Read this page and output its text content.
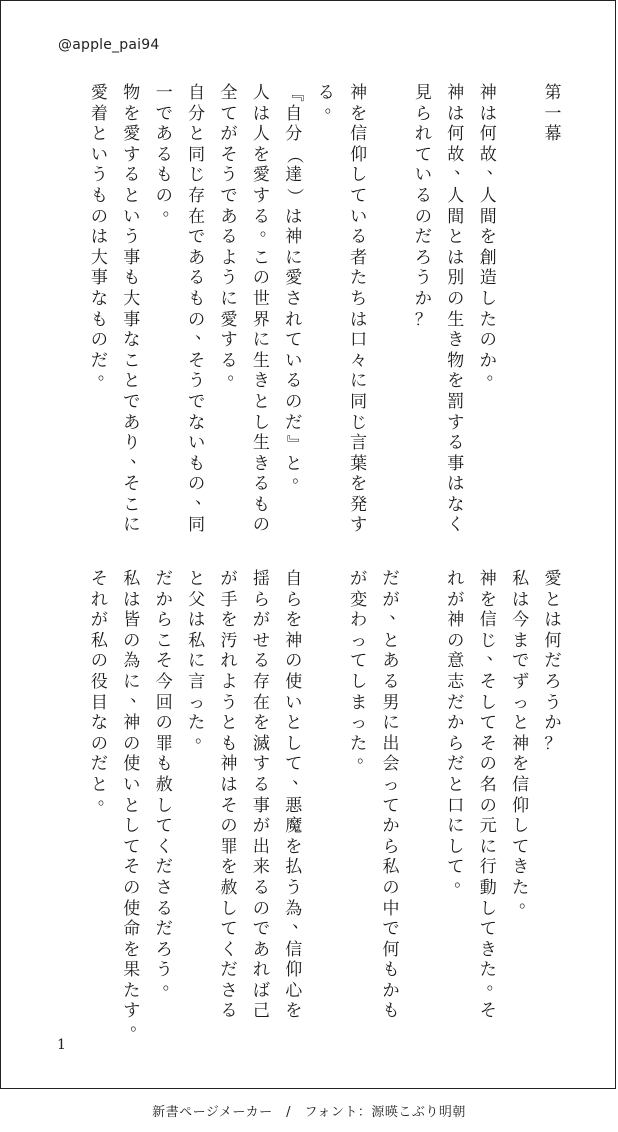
@apple_pai94
第
一
幕
神
は
何
故
、
人
間
を
創
造
し
た
の
か
。
神
は
何
故
、
人
間
と
は
別
の
生
き
物
を
罰
す
る
事
は
な
く
見
ら
れ
て
い
る
の
だ
ろ
う
か
？
神
を
信
仰
し
て
い
る
者
た
ち
は
口
々
に
同
じ
言
葉
を
発
す
る
。
『
自
分
（
達
）
は
神
に
愛
さ
れ
て
い
る
の
だ
』
と
。
人
は
人
を
愛
す
る
。
こ
の
世
界
に
生
き
と
し
生
き
る
も
の
全
て
が
そ
う
で
あ
る
よ
う
に
愛
す
る
。
自
分
と
同
じ
存
在
で
あ
る
も
の
、
そ
う
で
な
い
も
の
、
同
一
で
あ
る
も
の
。
物
を
愛
す
る
と
い
う
事
も
大
事
な
こ
と
で
あ
り
、
そ
こ
に
愛
着
と
い
う
も
の
は
大
事
な
も
の
だ
。
愛
と
は
何
だ
ろ
う
か
？
私
は
今
ま
で
ず
っ
と
神
を
信
仰
し
て
き
た
。
神
を
信
じ
、
そ
し
て
そ
の
名
の
元
に
行
動
し
て
き
た
。
そ
れ
が
神
の
意
志
だ
か
ら
だ
と
口
に
し
て
。
だ
が
、
と
あ
る
男
に
出
会
っ
て
か
ら
私
の
中
で
何
も
か
も
が
変
わ
っ
て
し
ま
っ
た
。
自
ら
を
神
の
使
い
と
し
て
、
悪
魔
を
払
う
為
、
信
仰
心
を
揺
ら
が
せ
る
存
在
を
滅
す
る
事
が
出
来
る
の
で
あ
れ
ば
己
が
手
を
汚
れ
よ
う
と
も
神
は
そ
の
罪
を
赦
し
て
く
だ
さ
る
と
父
は
私
に
言
っ
た
。
だ
か
ら
こ
そ
今
回
の
罪
も
赦
し
て
く
だ
さ
る
だ
ろ
う
。
私
は
皆
の
為
に
、
神
の
使
い
と
し
て
そ
の
使
命
を
果
た
す
。
そ
れ
が
私
の
役
目
な
の
だ
と
。
1
新書ページメーカー　/　フォント：源暎こぶり明朝
